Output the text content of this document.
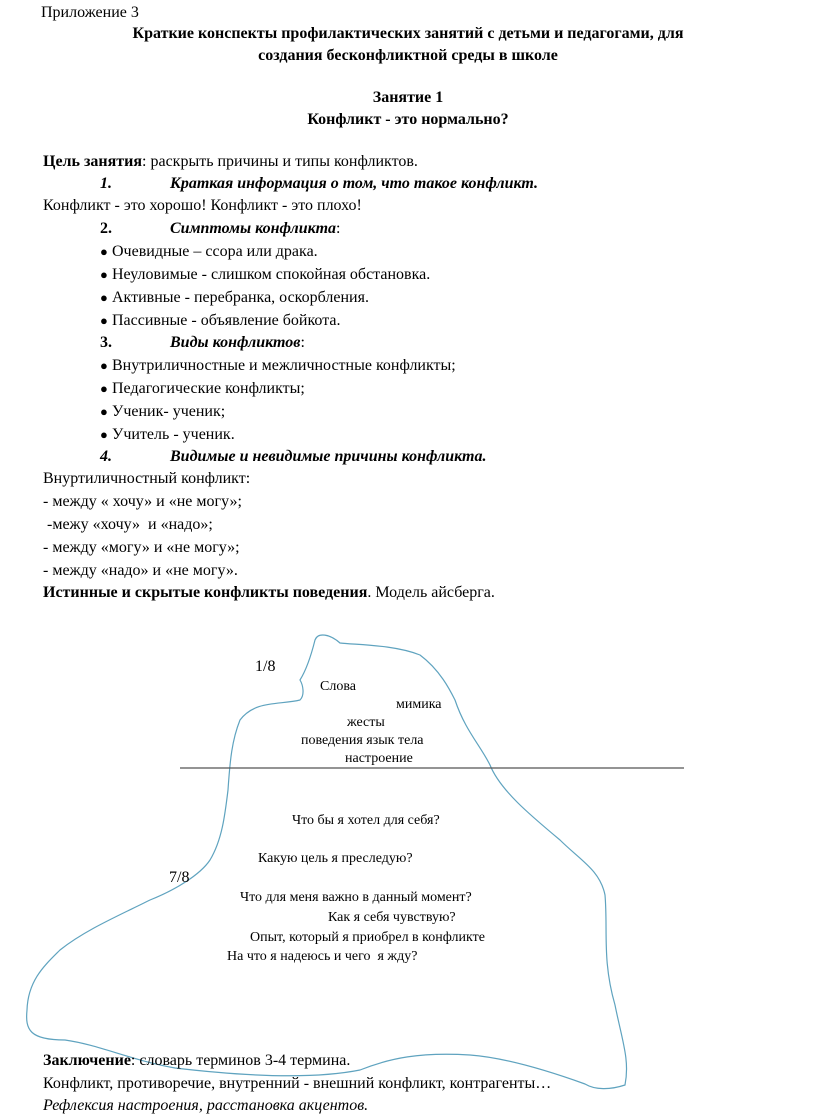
Приложение 3
Краткие конспекты профилактических занятий с детьми и педагогами, для
создания бесконфликтной среды в школе
Занятие 1
Конфликт - это нормально?
Цель занятия: раскрыть причины и типы конфликтов.
1.	Краткая информация о том, что такое конфликт.
Конфликт - это хорошо! Конфликт - это плохо!
2.	Симптомы конфликта:
● Очевидные – ссора или драка.
● Неуловимые - слишком спокойная обстановка.
● Активные - перебранка, оскорбления.
● Пассивные - объявление бойкота.
3.	Виды конфликтов:
● Внутриличностные и межличностные конфликты;
● Педагогические конфликты;
● Ученик- ученик;
● Учитель - ученик.
4.	Видимые и невидимые причины конфликта.
Внуртиличностный конфликт:
- между « хочу» и «не могу»;
-межу «хочу»  и «надо»;
- между «могу» и «не могу»;
- между «надо» и «не могу».
Истинные и скрытые конфликты поведения. Модель айсберга.
1/8
Слова
мимика
жесты
поведения язык тела
настроение
7/8
Что бы я хотел для себя?
Какую цель я преследую?
Что для меня важно в данный момент?
Как я себя чувствую?
Опыт, который я приобрел в конфликте
На что я надеюсь и чего  я жду?
Заключение: словарь терминов 3-4 термина.
Конфликт, противоречие, внутренний - внешний конфликт, контрагенты…
Рефлексия настроения, расстановка акцентов.
